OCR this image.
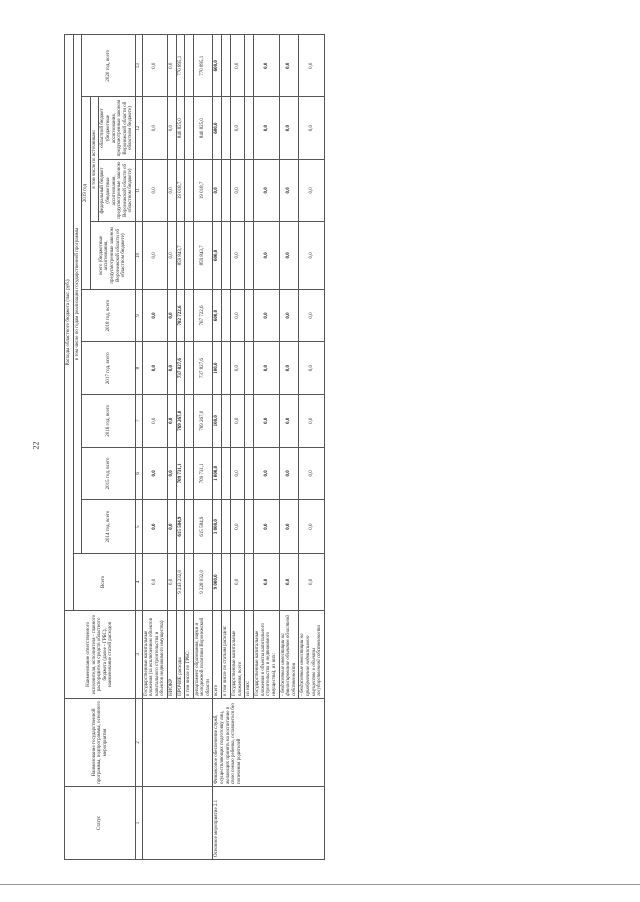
22
Статус	Наименование государственной программы, подпрограммы, основного мероприятия	Наименование ответственного исполнителя, исполнителя - главного распорядителя средств областного бюджета (далее - ГРБС), наименование статей расходов	Расходы областного бюджета (тыс. руб.)									
			Всего	в том числе по годам реализации государственной программы								
				2014 год, всего	2015 год, всего	2016 год, всего	2017 год, всего	2018 год, всего	2019 год			2020 год, всего
									всего (бюджетные ассигнования, предусмотренные законом Воронежской области об областном бюджете)	в том числе по источникам:		
										федеральный бюджет (бюджетные ассигнования, предусмотренные законом Воронежской области об областном бюджете)	областной бюджет (бюджетные ассигнования, предусмотренные законом Воронежской области об областном бюджете)	
1	2	3	4	5	6	7	8	9	10	11	12	13
		Государственные капитальные вложения (за исключением объектов капитального строительства и объектов недвижимого имущества)	0,0	0,0	0,0	0,0	0,0	0,0	0,0	0,0	0,0	0,0
		НИОКР	0,0	0,0	0,0	0,0	0,0	0,0	0,0	0,0	0,0	0,0
		ПРОЧИЕ расходы	9 243 232,0	615 584,9	709 731,1	769 267,0	737 827,6	782 722,6	859 843,7	19 018,7	840 825,0	770 895,1
		в том числе по ГРБС:										
		департамент образования, науки и молодежной политики Воронежской области	9 228 032,0	615 584,9	709 731,1	769 267,0	737 827,6	767 722,6	859 843,7	19 018,7	840 825,0	770 895,1
Основное мероприятие 2.1	Финансовое обеспечение служб, осуществляющих подготовку лиц, желающих принять на воспитание в свою семью ребенка, оставшегося без попечения родителей	всего	9 000,0	3 000,0	1 000,0	100,0	100,0	600,0	600,0	0,0	600,0	600,0
		в том числе по статьям расходов:										
		Государственные капитальные вложения, всего	0,0	0,0	0,0	0,0	0,0	0,0	0,0	0,0	0,0	0,0
		из них:										
		Государственные капитальные вложения в объекты капитального строительства и недвижимого имущества), из них:	0,0	0,0	0,0	0,0	0,0	0,0	0,0	0,0	0,0	0,0
		- бюджетные инвестиции на финансирование объектов областной собственности	0,0	0,0	0,0	0,0	0,0	0,0	0,0	0,0	0,0	0,0
		- бюджетные инвестиции на приобретение недвижимого имущества в объекты государственной собственности	0,0	0,0	0,0	0,0	0,0	0,0	0,0	0,0	0,0	0,0
